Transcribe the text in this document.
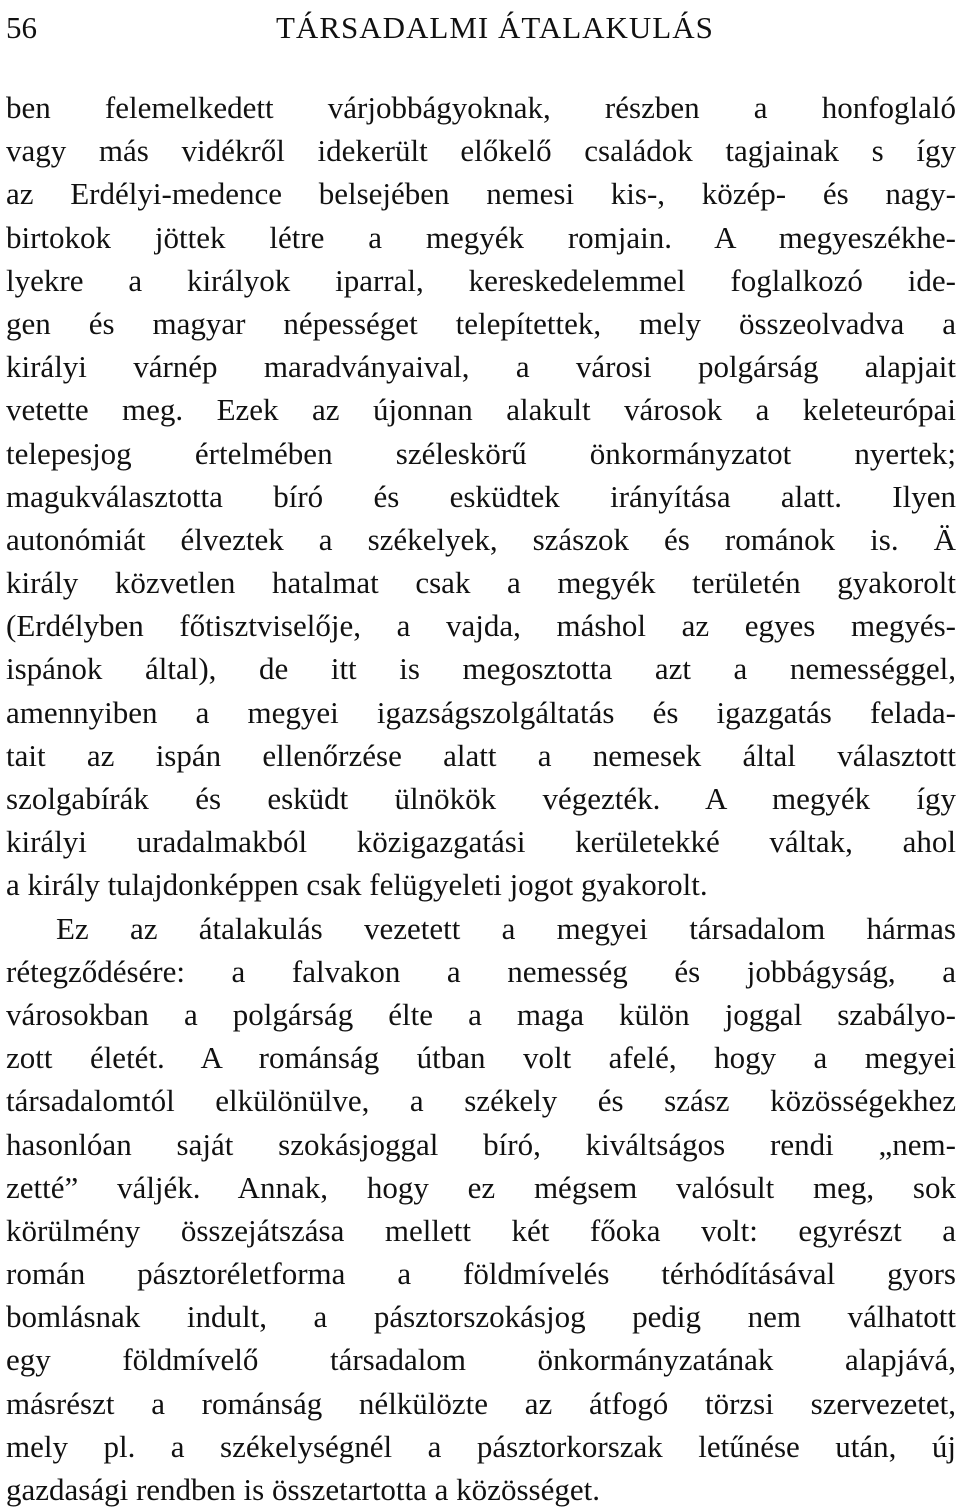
56	TÁRSADALMI ÁTALAKULÁS
ben felemelkedett várjobbágyoknak, részben a honfoglaló
vagy más vidékről idekerült előkelő családok tagjainak s így
az Erdélyi-medence belsejében nemesi kis-, közép- és nagy-
birtokok jöttek létre a megyék romjain. A megyeszékhe-
lyekre a királyok iparral, kereskedelemmel foglalkozó ide-
gen és magyar népességet telepítettek, mely összeolvadva a
királyi várnép maradványaival, a városi polgárság alapjait
vetette meg. Ezek az újonnan alakult városok a keleteurópai
telepesjog értelmében széleskörű önkormányzatot nyertek;
magukválasztotta bíró és esküdtek irányítása alatt. Ilyen
autonómiát élveztek a székelyek, szászok és románok is. Ä
király közvetlen hatalmat csak a megyék területén gyakorolt
(Erdélyben főtisztviselője, a vajda, máshol az egyes megyés-
ispánok által), de itt is megosztotta azt a nemességgel,
amennyiben a megyei igazságszolgáltatás és igazgatás felada-
tait az ispán ellenőrzése alatt a nemesek által választott
szolgabírák és esküdt ülnökök végezték. A megyék így
királyi uradalmakból közigazgatási kerületekké váltak, ahol
a király tulajdonképpen csak felügyeleti jogot gyakorolt.
Ez az átalakulás vezetett a megyei társadalom hármas
rétegződésére: a falvakon a nemesség és jobbágyság, a
városokban a polgárság élte a maga külön joggal szabályo-
zott életét. A románság útban volt afelé, hogy a megyei
társadalomtól elkülönülve, a székely és szász közösségekhez
hasonlóan saját szokásjoggal bíró, kiváltságos rendi „nem-
zetté” váljék. Annak, hogy ez mégsem valósult meg, sok
körülmény összejátszása mellett két főoka volt: egyrészt a
román pásztoréletforma a földmívelés térhódításával gyors
bomlásnak indult, a pásztorszokásjog pedig nem válhatott
egy földmívelő társadalom önkormányzatának alapjává,
másrészt a románság nélkülözte az átfogó törzsi szervezetet,
mely pl. a székelységnél a pásztorkorszak letűnése után, új
gazdasági rendben is összetartotta a közösséget.
